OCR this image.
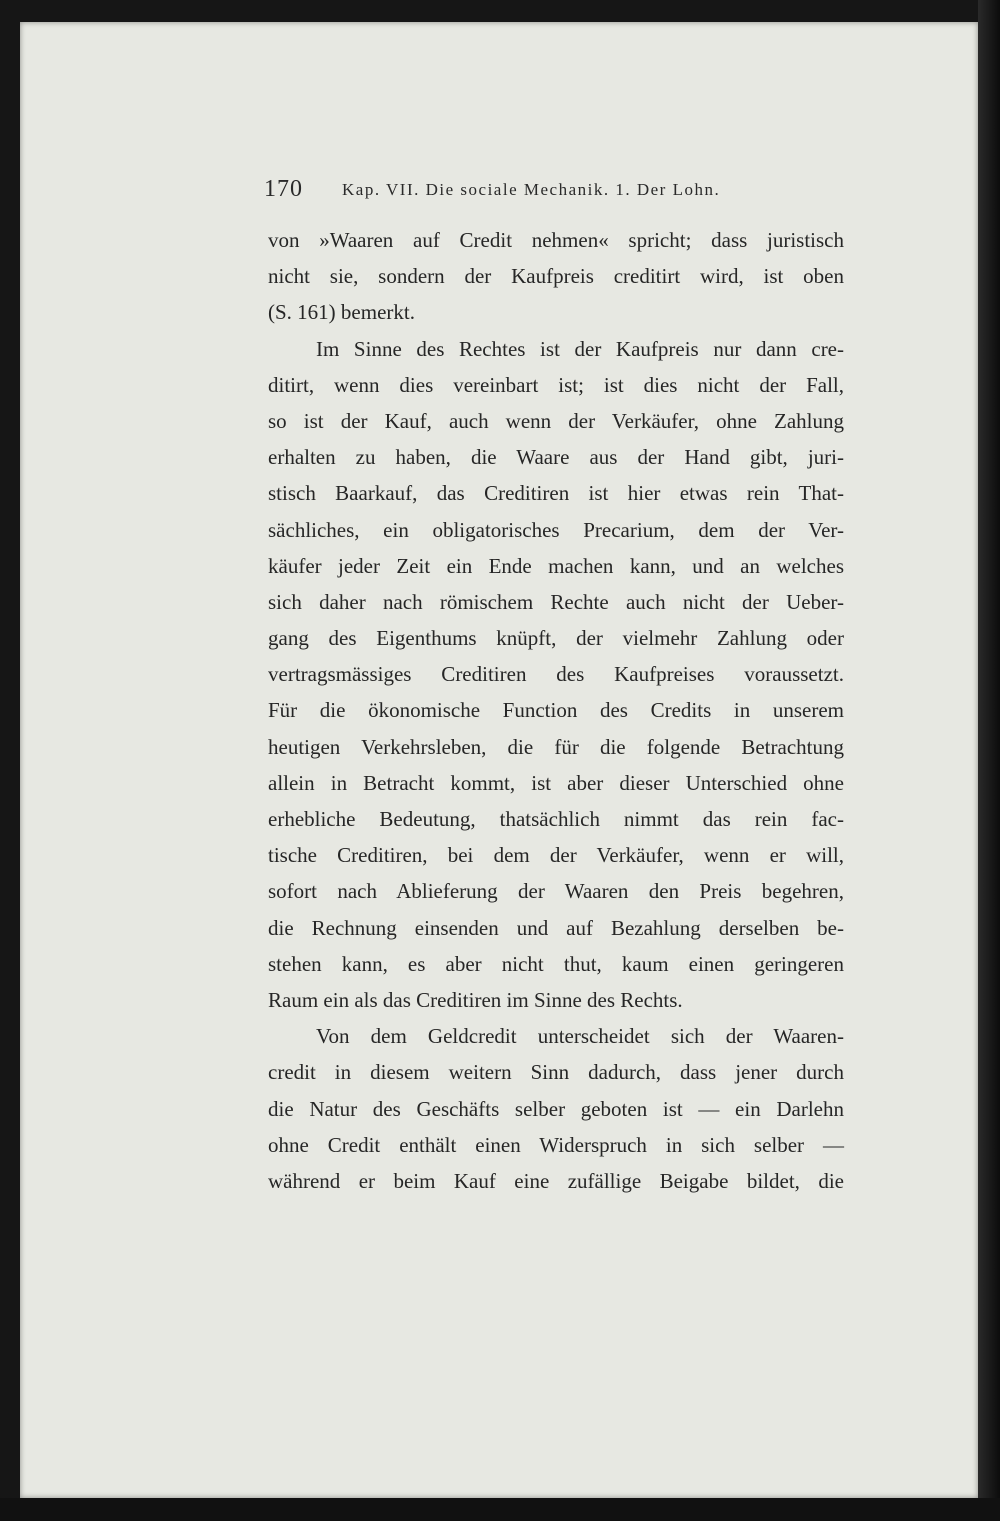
170 Kap. VII. Die sociale Mechanik. 1. Der Lohn.
von »Waaren auf Credit nehmen« spricht; dass juristisch
nicht sie, sondern der Kaufpreis creditirt wird, ist oben
(S. 161) bemerkt.
Im Sinne des Rechtes ist der Kaufpreis nur dann cre-
ditirt, wenn dies vereinbart ist; ist dies nicht der Fall,
so ist der Kauf, auch wenn der Verkäufer, ohne Zahlung
erhalten zu haben, die Waare aus der Hand gibt, juri-
stisch Baarkauf, das Creditiren ist hier etwas rein That-
sächliches, ein obligatorisches Precarium, dem der Ver-
käufer jeder Zeit ein Ende machen kann, und an welches
sich daher nach römischem Rechte auch nicht der Ueber-
gang des Eigenthums knüpft, der vielmehr Zahlung oder
vertragsmässiges Creditiren des Kaufpreises voraussetzt.
Für die ökonomische Function des Credits in unserem
heutigen Verkehrsleben, die für die folgende Betrachtung
allein in Betracht kommt, ist aber dieser Unterschied ohne
erhebliche Bedeutung, thatsächlich nimmt das rein fac-
tische Creditiren, bei dem der Verkäufer, wenn er will,
sofort nach Ablieferung der Waaren den Preis begehren,
die Rechnung einsenden und auf Bezahlung derselben be-
stehen kann, es aber nicht thut, kaum einen geringeren
Raum ein als das Creditiren im Sinne des Rechts.
Von dem Geldcredit unterscheidet sich der Waaren-
credit in diesem weitern Sinn dadurch, dass jener durch
die Natur des Geschäfts selber geboten ist — ein Darlehn
ohne Credit enthält einen Widerspruch in sich selber —
während er beim Kauf eine zufällige Beigabe bildet, die
